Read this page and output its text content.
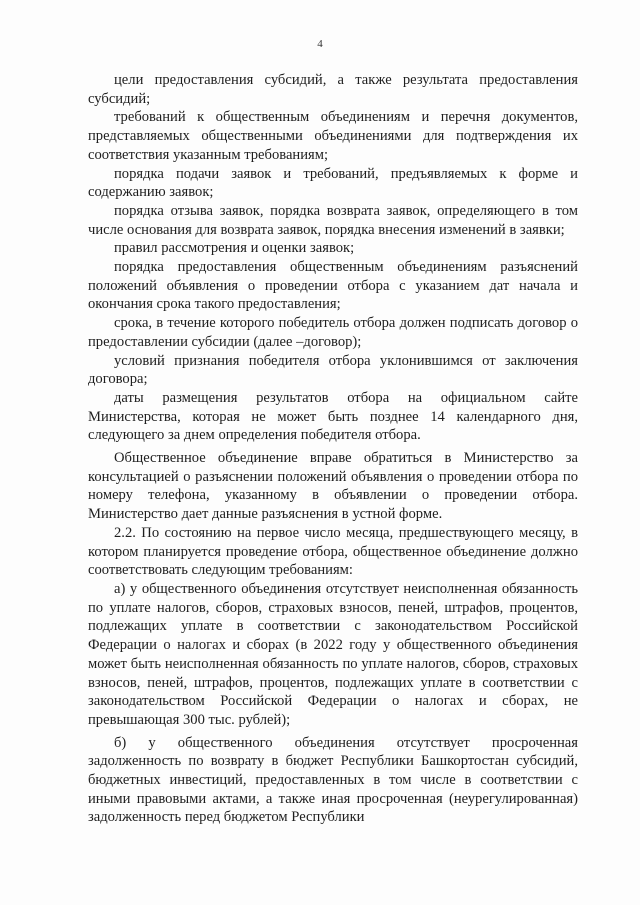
4

цели предоставления субсидий, а также результата предоставления субсидий;

требований к общественным объединениям и перечня документов, представляемых общественными объединениями для подтверждения их соответствия указанным требованиям;

порядка подачи заявок и требований, предъявляемых к форме и содержанию заявок;

порядка отзыва заявок, порядка возврата заявок, определяющего в том числе основания для возврата заявок, порядка внесения изменений в заявки;

правил рассмотрения и оценки заявок;

порядка предоставления общественным объединениям разъяснений положений объявления о проведении отбора с указанием дат начала и окончания срока такого предоставления;

срока, в течение которого победитель отбора должен подписать договор о предоставлении субсидии (далее –договор);

условий признания победителя отбора уклонившимся от заключения договора;

даты размещения результатов отбора на официальном сайте Министерства, которая не может быть позднее 14 календарного дня, следующего за днем определения победителя отбора.

Общественное объединение вправе обратиться в Министерство за консультацией о разъяснении положений объявления о проведении отбора по номеру телефона, указанному в объявлении о проведении отбора. Министерство дает данные разъяснения в устной форме.

2.2. По состоянию на первое число месяца, предшествующего месяцу, в котором планируется проведение отбора, общественное объединение должно соответствовать следующим требованиям:

а) у общественного объединения отсутствует неисполненная обязанность по уплате налогов, сборов, страховых взносов, пеней, штрафов, процентов, подлежащих уплате в соответствии с законодательством Российской Федерации о налогах и сборах (в 2022 году у общественного объединения может быть неисполненная обязанность по уплате налогов, сборов, страховых взносов, пеней, штрафов, процентов, подлежащих уплате в соответствии с законодательством Российской Федерации о налогах и сборах, не превышающая 300 тыс. рублей);

б) у общественного объединения отсутствует просроченная задолженность по возврату в бюджет Республики Башкортостан субсидий, бюджетных инвестиций, предоставленных в том числе в соответствии с иными правовыми актами, а также иная просроченная (неурегулированная) задолженность перед бюджетом Республики
